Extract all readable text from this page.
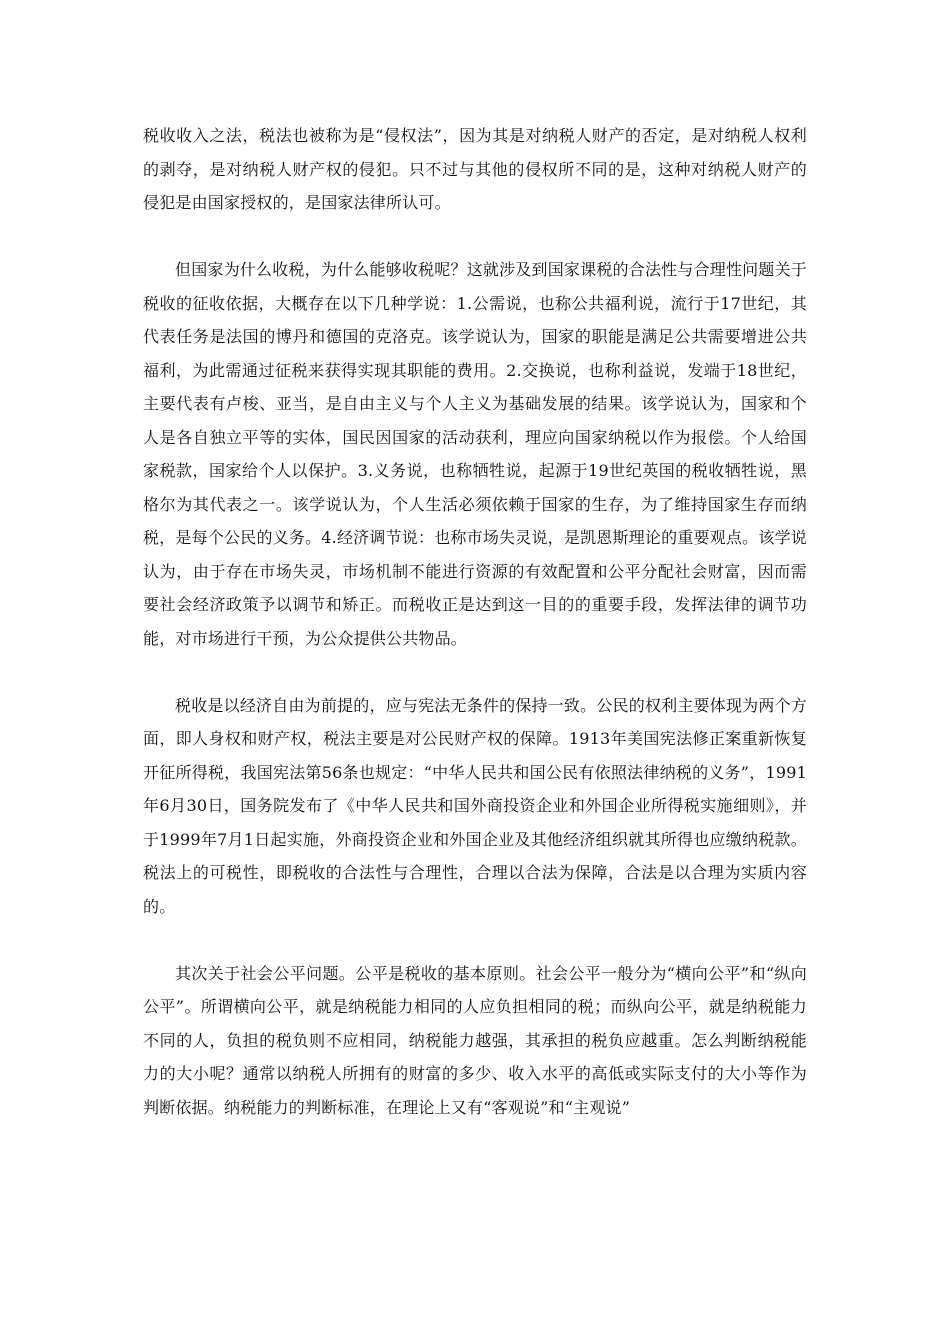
税收收入之法，税法也被称为是“侵权法”，因为其是对纳税人财产的否定，是对纳税人权利的剥夺，是对纳税人财产权的侵犯。只不过与其他的侵权所不同的是，这种对纳税人财产的侵犯是由国家授权的，是国家法律所认可。

但国家为什么收税，为什么能够收税呢？这就涉及到国家课税的合法性与合理性问题关于税收的征收依据，大概存在以下几种学说：1.公需说，也称公共福利说，流行于17世纪，其代表任务是法国的博丹和德国的克洛克。该学说认为，国家的职能是满足公共需要增进公共福利，为此需通过征税来获得实现其职能的费用。2.交换说，也称利益说，发端于18世纪，主要代表有卢梭、亚当，是自由主义与个人主义为基础发展的结果。该学说认为，国家和个人是各自独立平等的实体，国民因国家的活动获利，理应向国家纳税以作为报偿。个人给国家税款，国家给个人以保护。3.义务说，也称牺牲说，起源于19世纪英国的税收牺牲说，黑格尔为其代表之一。该学说认为，个人生活必须依赖于国家的生存，为了维持国家生存而纳税，是每个公民的义务。4.经济调节说：也称市场失灵说，是凯恩斯理论的重要观点。该学说认为，由于存在市场失灵，市场机制不能进行资源的有效配置和公平分配社会财富，因而需要社会经济政策予以调节和矫正。而税收正是达到这一目的的重要手段，发挥法律的调节功能，对市场进行干预，为公众提供公共物品。

税收是以经济自由为前提的，应与宪法无条件的保持一致。公民的权利主要体现为两个方面，即人身权和财产权，税法主要是对公民财产权的保障。1913年美国宪法修正案重新恢复开征所得税，我国宪法第56条也规定：“中华人民共和国公民有依照法律纳税的义务”，1991年6月30日，国务院发布了《中华人民共和国外商投资企业和外国企业所得税实施细则》，并于1999年7月1日起实施，外商投资企业和外国企业及其他经济组织就其所得也应缴纳税款。税法上的可税性，即税收的合法性与合理性，合理以合法为保障，合法是以合理为实质内容的。

其次关于社会公平问题。公平是税收的基本原则。社会公平一般分为“横向公平”和“纵向公平”。所谓横向公平，就是纳税能力相同的人应负担相同的税；而纵向公平，就是纳税能力不同的人，负担的税负则不应相同，纳税能力越强，其承担的税负应越重。怎么判断纳税能力的大小呢？通常以纳税人所拥有的财富的多少、收入水平的高低或实际支付的大小等作为判断依据。纳税能力的判断标准，在理论上又有“客观说”和“主观说”
